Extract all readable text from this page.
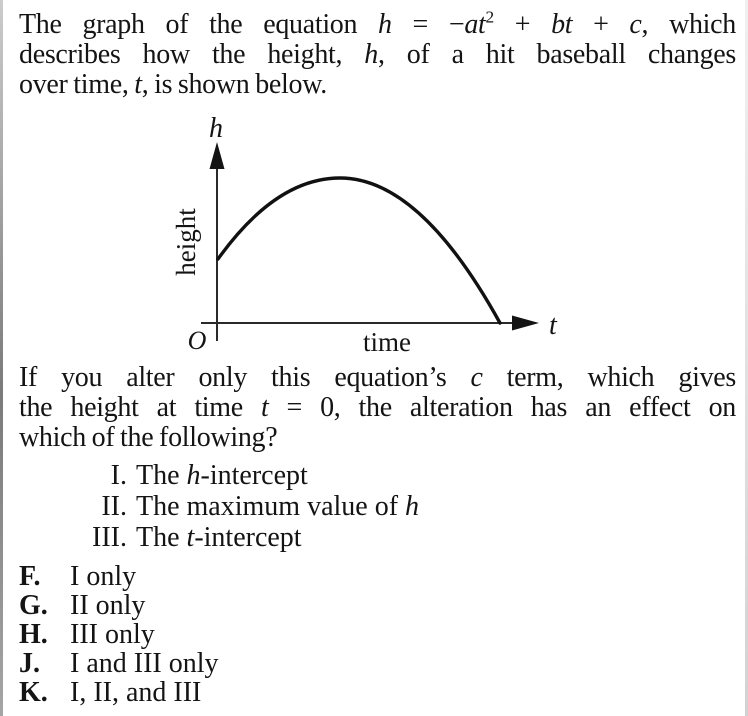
The graph of the equation $h = -at^2$ + bt + c, which
describes how the height, h, of a hit baseball changes
over time, t, is shown below.
h
t
O
height
time
If you alter only this equation’s c term, which gives
the height at time t = 0, the alteration has an effect on
which of the following?
I. The h-intercept
II. The maximum value of h
III. The t-intercept
F. I only
G. II only
H. III only
J. I and III only
K. I, II, and III
